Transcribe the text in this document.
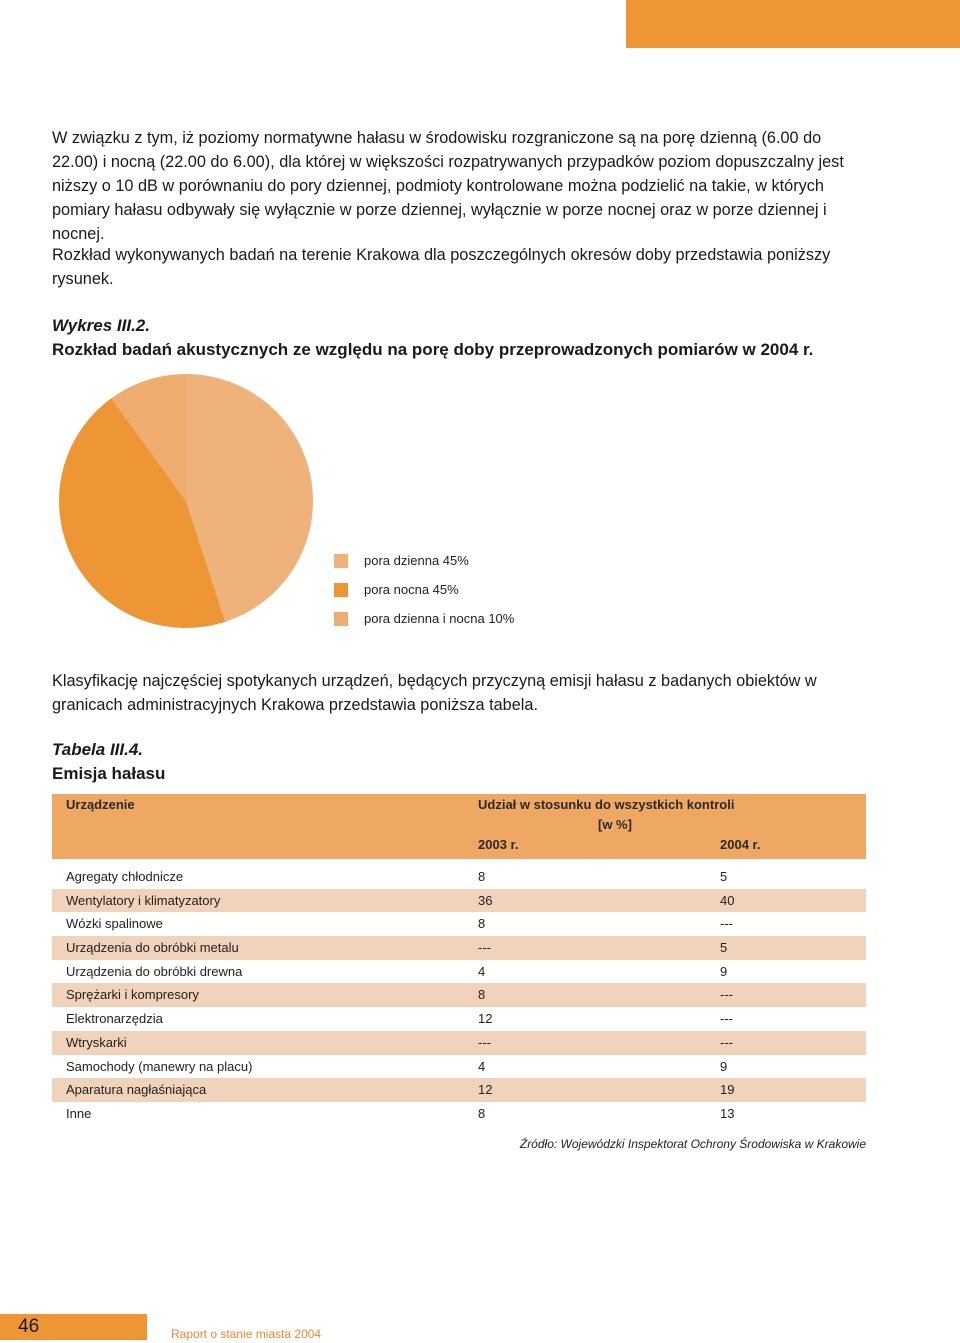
W związku z tym, iż poziomy normatywne hałasu w środowisku rozgraniczone są na porę dzienną (6.00 do 22.00) i nocną (22.00 do 6.00), dla której w większości rozpatrywanych przypadków poziom dopuszczalny jest niższy o 10 dB w porównaniu do pory dziennej, podmioty kontrolowane można podzielić na takie, w których pomiary hałasu odbywały się wyłącznie w porze dziennej, wyłącznie w porze nocnej oraz w porze dziennej i nocnej.

Rozkład wykonywanych badań na terenie Krakowa dla poszczególnych okresów doby przedstawia poniższy rysunek.

Wykres III.2.

Rozkład badań akustycznych ze względu na porę doby przeprowadzonych pomiarów w 2004 r.

pora dzienna 45%
pora nocna 45%
pora dzienna i nocna 10%

Klasyfikację najczęściej spotykanych urządzeń, będących przyczyną emisji hałasu z badanych obiektów w granicach administracyjnych Krakowa przedstawia poniższa tabela.

Tabela III.4.

Emisja hałasu

Urządzenie	Udział w stosunku do wszystkich kontroli
[w %]
2003 r.	2004 r.
Agregaty chłodnicze	8	5
Wentylatory i klimatyzatory	36	40
Wózki spalinowe	8	---
Urządzenia do obróbki metalu	---	5
Urządzenia do obróbki drewna	4	9
Sprężarki i kompresory	8	---
Elektronarzędzia	12	---
Wtryskarki	---	---
Samochody (manewry na placu)	4	9
Aparatura nagłaśniająca	12	19
Inne	8	13
Źródło: Wojewódzki Inspektorat Ochrony Środowiska w Krakowie
46	Raport o stanie miasta 2004
